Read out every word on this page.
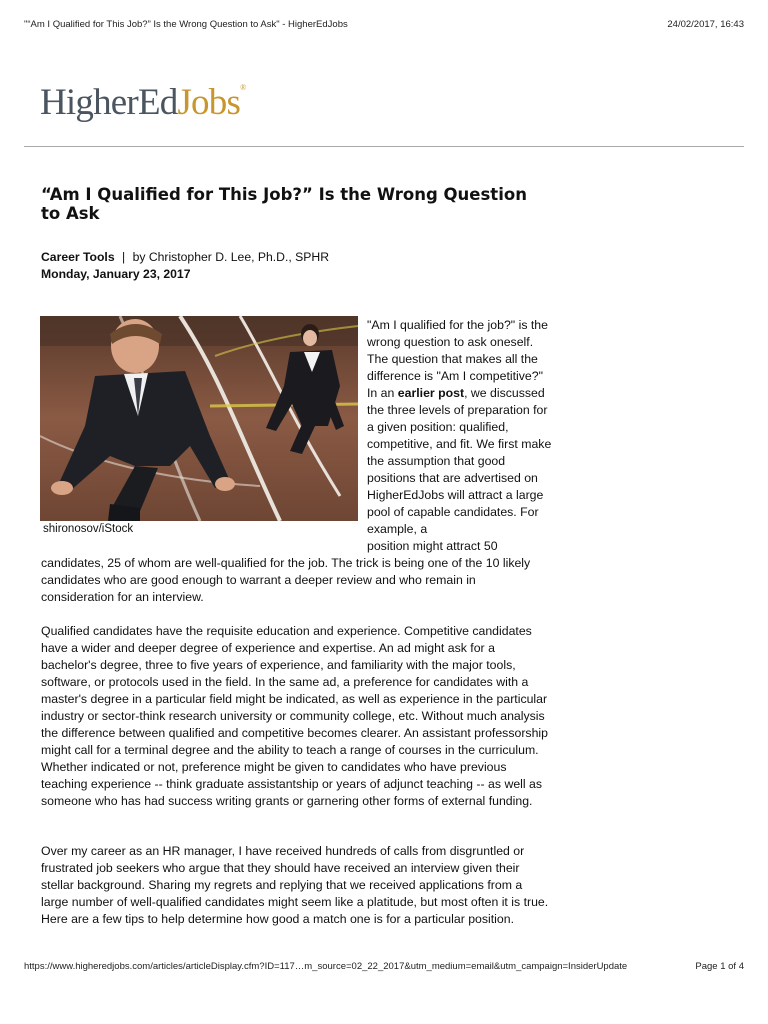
"“Am I Qualified for This Job?” Is the Wrong Question to Ask" - HigherEdJobs	24/02/2017, 16:43
HigherEdJobs®
“Am I Qualified for This Job?” Is the Wrong Question to Ask
Career Tools | by Christopher D. Lee, Ph.D., SPHR
Monday, January 23, 2017
shironosov/iStock

"Am I qualified for the job?" is the wrong question to ask oneself. The question that makes all the difference is "Am I competitive?" In an earlier post, we discussed the three levels of preparation for a given position: qualified, competitive, and fit. We first make the assumption that good positions that are advertised on HigherEdJobs will attract a large pool of capable candidates. For example, a

position might attract 50
candidates, 25 of whom are well-qualified for the job. The trick is being one of the 10 likely candidates who are good enough to warrant a deeper review and who remain in consideration for an interview.

Qualified candidates have the requisite education and experience. Competitive candidates have a wider and deeper degree of experience and expertise. An ad might ask for a bachelor's degree, three to five years of experience, and familiarity with the major tools, software, or protocols used in the field. In the same ad, a preference for candidates with a master's degree in a particular field might be indicated, as well as experience in the particular industry or sector-think research university or community college, etc. Without much analysis the difference between qualified and competitive becomes clearer. An assistant professorship might call for a terminal degree and the ability to teach a range of courses in the curriculum. Whether indicated or not, preference might be given to candidates who have previous teaching experience -- think graduate assistantship or years of adjunct teaching -- as well as someone who has had success writing grants or garnering other forms of external funding.

Over my career as an HR manager, I have received hundreds of calls from disgruntled or frustrated job seekers who argue that they should have received an interview given their stellar background. Sharing my regrets and replying that we received applications from a large number of well-qualified candidates might seem like a platitude, but most often it is true. Here are a few tips to help determine how good a match one is for a particular position.

https://www.higheredjobs.com/articles/articleDisplay.cfm?ID=117…m_source=02_22_2017&utm_medium=email&utm_campaign=InsiderUpdate	Page 1 of 4
